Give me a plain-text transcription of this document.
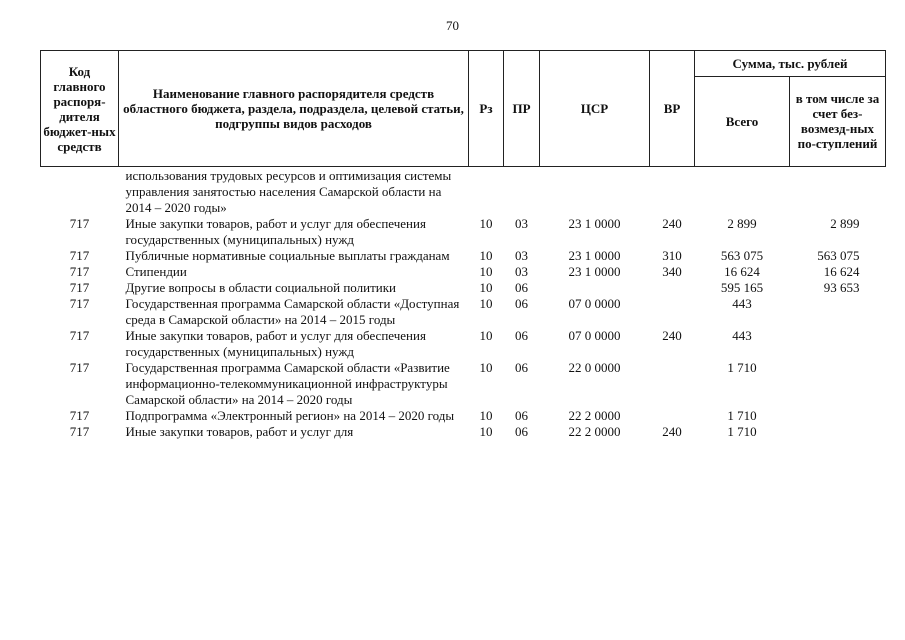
70
Код главного распоря-дителя бюджет-ных средств	Наименование главного распорядителя средств областного бюджета, раздела, подраздела, целевой статьи, подгруппы видов расходов	Рз	ПР	ЦСР	ВР	Сумма, тыс. рублей	
						Всего	в том числе за счет без-возмезд-ных по-ступлений
	использования трудовых ресурсов и оптимизация системы управления занятостью населения Самарской области на 2014 – 2020 годы»						
717	Иные закупки товаров, работ и услуг для обеспечения государственных (муниципальных) нужд	10	03	23 1 0000	240	2 899	2 899
717	Публичные нормативные социальные выплаты гражданам	10	03	23 1 0000	310	563 075	563 075
717	Стипендии	10	03	23 1 0000	340	16 624	16 624
717	Другие вопросы в области социальной политики	10	06			595 165	93 653
717	Государственная программа Самарской области «Доступная среда в Самарской области» на 2014 – 2015 годы	10	06	07 0 0000		443	
717	Иные закупки товаров, работ и услуг для обеспечения государственных (муниципальных) нужд	10	06	07 0 0000	240	443	
717	Государственная программа Самарской области «Развитие информационно-телекоммуникационной инфраструктуры Самарской области» на 2014 – 2020 годы	10	06	22 0 0000		1 710	
717	Подпрограмма «Электронный регион» на 2014 – 2020 годы	10	06	22 2 0000		1 710	
717	Иные закупки товаров, работ и услуг для	10	06	22 2 0000	240	1 710	
